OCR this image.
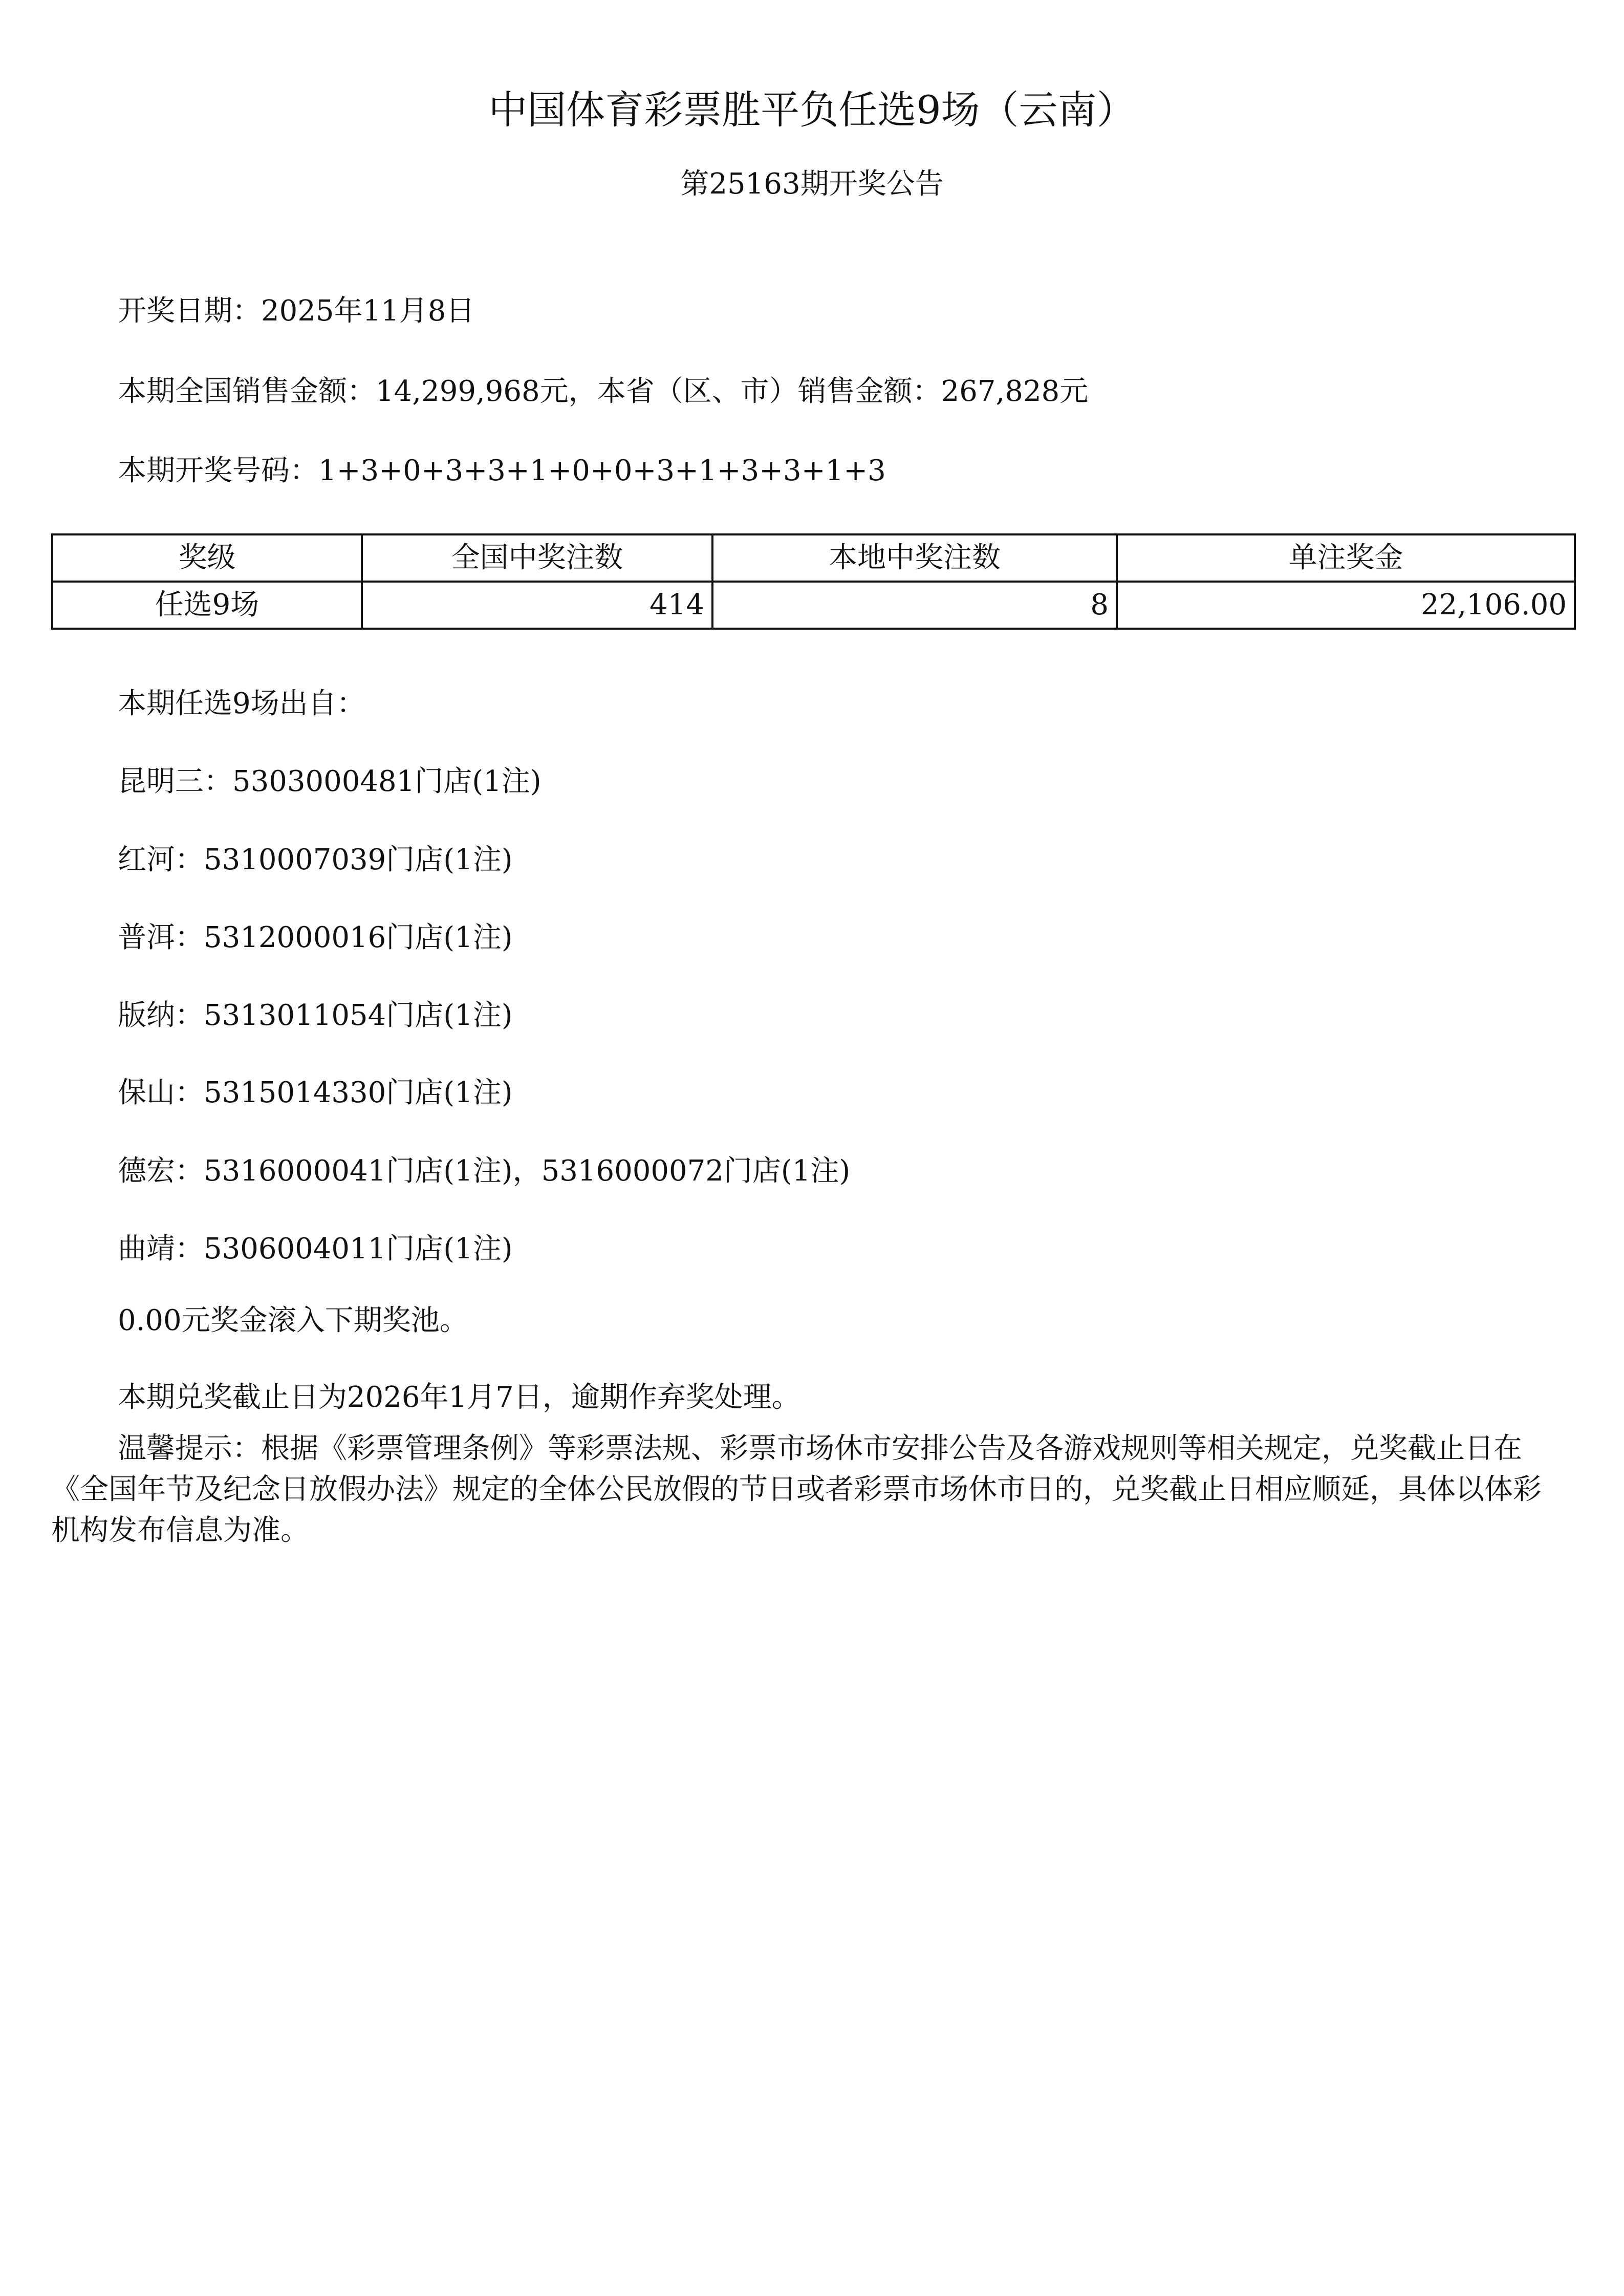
中国体育彩票胜平负任选9场（云南）
第25163期开奖公告
开奖日期：2025年11月8日
本期全国销售金额：14,299,968元，本省（区、市）销售金额：267,828元
本期开奖号码：1+3+0+3+3+1+0+0+3+1+3+3+1+3
奖级	全国中奖注数	本地中奖注数	单注奖金
任选9场	414	8	22,106.00
本期任选9场出自：
昆明三：5303000481门店(1注)
红河：5310007039门店(1注)
普洱：5312000016门店(1注)
版纳：5313011054门店(1注)
保山：5315014330门店(1注)
德宏：5316000041门店(1注)，5316000072门店(1注)
曲靖：5306004011门店(1注)
0.00元奖金滚入下期奖池。
本期兑奖截止日为2026年1月7日，逾期作弃奖处理。
温馨提示：根据《彩票管理条例》等彩票法规、彩票市场休市安排公告及各游戏规则等相关规定，兑奖截止日在《全国年节及纪念日放假办法》规定的全体公民放假的节日或者彩票市场休市日的，兑奖截止日相应顺延，具体以体彩机构发布信息为准。
